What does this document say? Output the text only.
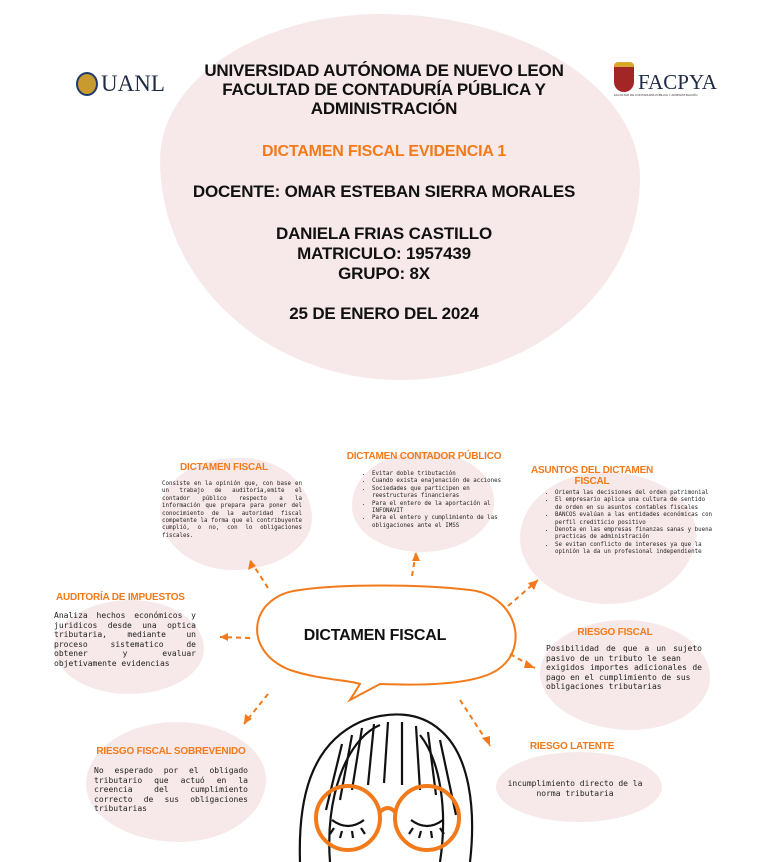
UANL	FACPYA
FACULTAD DE CONTADURÍA PÚBLICA Y ADMINISTRACIÓN
UNIVERSIDAD AUTÓNOMA DE NUEVO LEON
FACULTAD DE CONTADURÍA PÚBLICA Y
ADMINISTRACIÓN
DICTAMEN FISCAL EVIDENCIA 1
DOCENTE: OMAR ESTEBAN SIERRA MORALES
DANIELA FRIAS CASTILLO
MATRICULO: 1957439
GRUPO: 8X
25 DE ENERO DEL 2024
DICTAMEN FISCAL
DICTAMEN FISCAL
Consiste en la opinión que, con base en un trabajo de auditoría,emite el contador público respecto a la información que prepara para poner del conocimiento de la autoridad fiscal competente la forma que el contribuyente cumplió, o no, con lo obligaciones fiscales.
DICTAMEN CONTADOR PÚBLICO
• Evitar doble tributación
• Cuando exista enajenación de acciones
• Sociedades que participen en reestructuras financieras
• Para el entero de la aportación al INFONAVIT
• Para el entero y cumplimiento de las obligaciones ante el IMSS
ASUNTOS DEL DICTAMEN FISCAL
• Orienta las decisiones del orden patrimonial
• El empresario aplica una cultura de sentido de orden en su asuntos contables fiscales
• BANCOS evalúan a las entidades económicas con perfil crediticio positivo
• Denota en las empresas finanzas sanas y buena practicas de administración
• Se evitan conflicto de intereses ya que la opinión la da un profesional independiente
AUDITORÍA DE IMPUESTOS
Analiza hechos económicos y juridicos desde una optica tributaria, mediante un proceso sistematico de obtener y evaluar objetivamente evidencias
RIESGO FISCAL
Posibilidad de que a un sujeto pasivo de un tributo le sean
exigidos importes adicionales de pago en el cumplimiento de sus
obligaciones tributarias
RIESGO FISCAL SOBREVENIDO
No esperado por el obligado tributario que actuó en la creencia del cumplimiento correcto de sus obligaciones tributarias
RIESGO LATENTE
incumplimiento directo de la norma tributaria
